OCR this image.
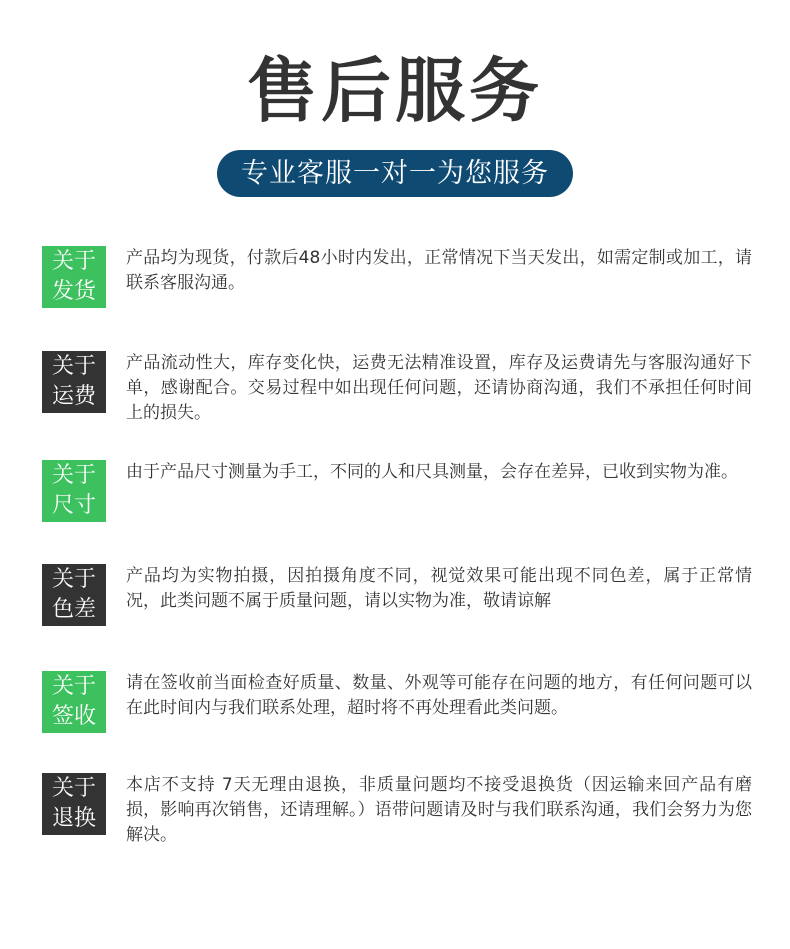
售后服务
专业客服一对一为您服务
关于
发货
产品均为现货，付款后48小时内发出，正常情况下当天发出，如需定制或加工，请联系客服沟通。
关于
运费
产品流动性大，库存变化快，运费无法精准设置，库存及运费请先与客服沟通好下单，感谢配合。交易过程中如出现任何问题，还请协商沟通，我们不承担任何时间上的损失。
关于
尺寸
由于产品尺寸测量为手工，不同的人和尺具测量，会存在差异，已收到实物为准。
关于
色差
产品均为实物拍摄，因拍摄角度不同，视觉效果可能出现不同色差，属于正常情况，此类问题不属于质量问题，请以实物为准，敬请谅解
关于
签收
请在签收前当面检查好质量、数量、外观等可能存在问题的地方，有任何问题可以在此时间内与我们联系处理，超时将不再处理看此类问题。
关于
退换
本店不支持 7天无理由退换，非质量问题均不接受退换货（因运输来回产品有磨损，影响再次销售，还请理解。）语带问题请及时与我们联系沟通，我们会努力为您解决。
